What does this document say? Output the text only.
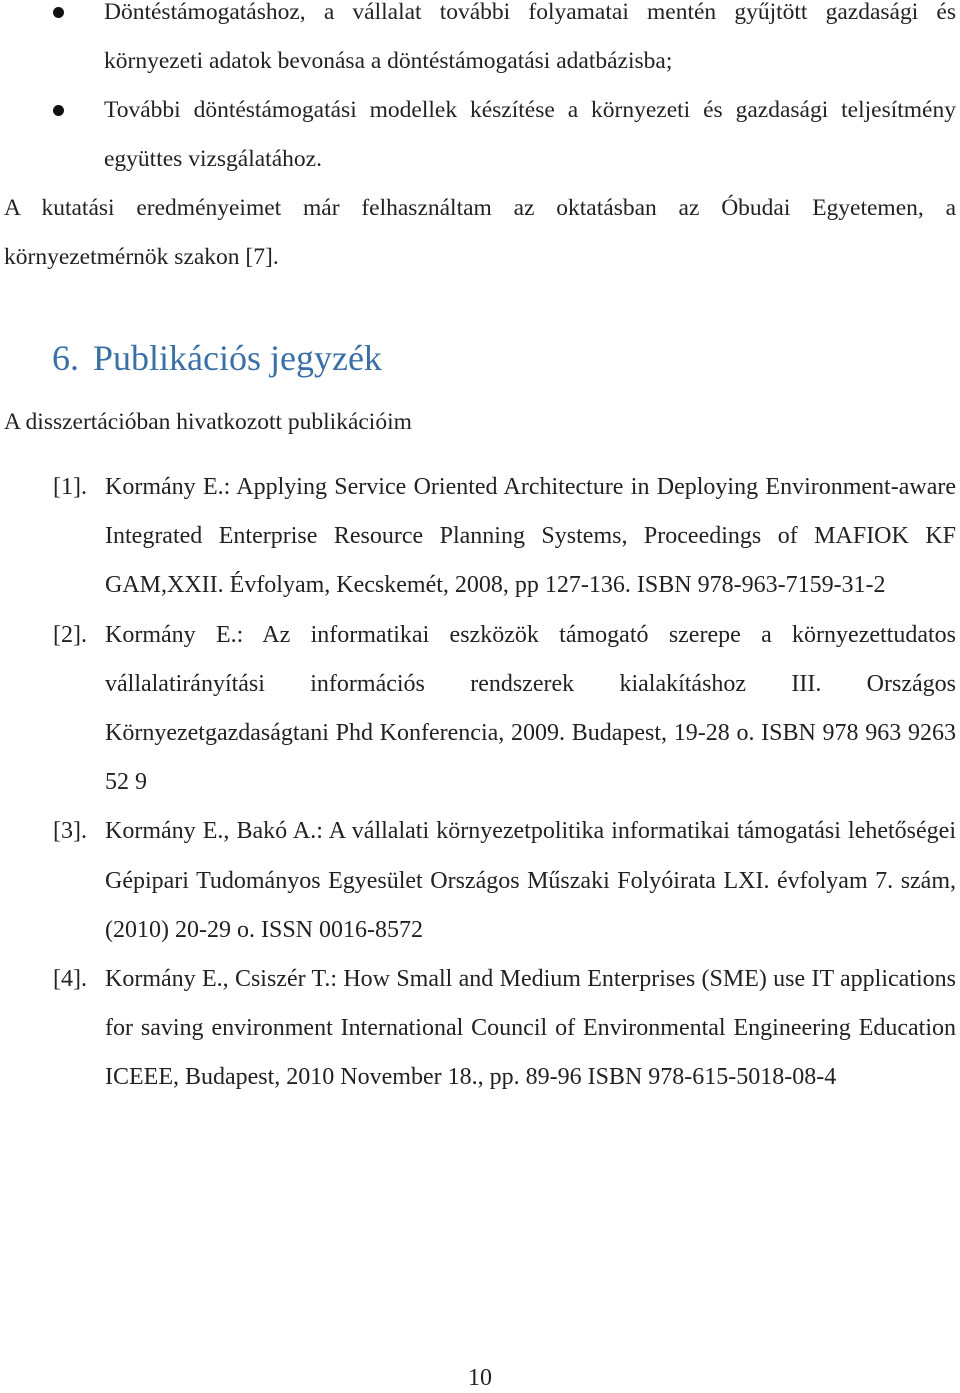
Döntéstámogatáshoz, a vállalat további folyamatai mentén gyűjtött gazdasági és környezeti adatok bevonása a döntéstámogatási adatbázisba;
További döntéstámogatási modellek készítése a környezeti és gazdasági teljesítmény együttes vizsgálatához.
A kutatási eredményeimet már felhasználtam az oktatásban az Óbudai Egyetemen, a környezetmérnök szakon [7].
6. Publikációs jegyzék
A disszertációban hivatkozott publikációim
[1]. Kormány E.: Applying Service Oriented Architecture in Deploying Environment-aware Integrated Enterprise Resource Planning Systems, Proceedings of MAFIOK KF GAM,XXII. Évfolyam, Kecskemét, 2008, pp 127-136. ISBN 978-963-7159-31-2
[2]. Kormány E.: Az informatikai eszközök támogató szerepe a környezettudatos vállalatirányítási információs rendszerek kialakításhoz III. Országos Környezetgazdaságtani Phd Konferencia, 2009. Budapest, 19-28 o. ISBN 978 963 9263 52 9
[3]. Kormány E., Bakó A.: A vállalati környezetpolitika informatikai támogatási lehetőségei Gépipari Tudományos Egyesület Országos Műszaki Folyóirata LXI. évfolyam 7. szám, (2010) 20-29 o. ISSN 0016-8572
[4]. Kormány E., Csiszér T.: How Small and Medium Enterprises (SME) use IT applications for saving environment International Council of Environmental Engineering Education ICEEE, Budapest, 2010 November 18., pp. 89-96 ISBN 978-615-5018-08-4
10
